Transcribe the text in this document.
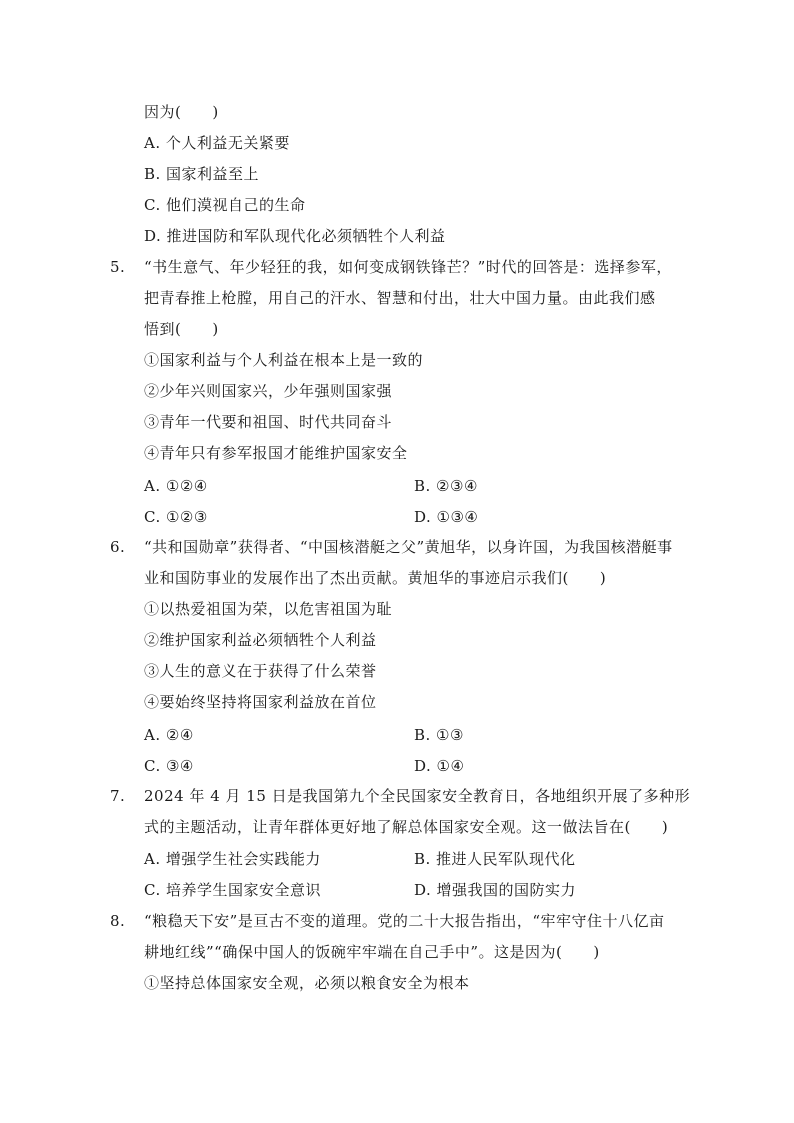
因为(　　)
A. 个人利益无关紧要
B. 国家利益至上
C. 他们漠视自己的生命
D. 推进国防和军队现代化必须牺牲个人利益
5. “书生意气、年少轻狂的我，如何变成钢铁锋芒？”时代的回答是：选择参军，
把青春推上枪膛，用自己的汗水、智慧和付出，壮大中国力量。由此我们感
悟到(　　)
①国家利益与个人利益在根本上是一致的
②少年兴则国家兴，少年强则国家强
③青年一代要和祖国、时代共同奋斗
④青年只有参军报国才能维护国家安全
A. ①②④	B. ②③④
C. ①②③	D. ①③④
6. “共和国勋章”获得者、“中国核潜艇之父”黄旭华，以身许国，为我国核潜艇事
业和国防事业的发展作出了杰出贡献。黄旭华的事迹启示我们(　　)
①以热爱祖国为荣，以危害祖国为耻
②维护国家利益必须牺牲个人利益
③人生的意义在于获得了什么荣誉
④要始终坚持将国家利益放在首位
A. ②④	B. ①③
C. ③④	D. ①④
7. 2024 年 4 月 15 日是我国第九个全民国家安全教育日，各地组织开展了多种形
式的主题活动，让青年群体更好地了解总体国家安全观。这一做法旨在(　　)
A. 增强学生社会实践能力	B. 推进人民军队现代化
C. 培养学生国家安全意识	D. 增强我国的国防实力
8. “粮稳天下安”是亘古不变的道理。党的二十大报告指出，“牢牢守住十八亿亩
耕地红线”“确保中国人的饭碗牢牢端在自己手中”。这是因为(　　)
①坚持总体国家安全观，必须以粮食安全为根本
